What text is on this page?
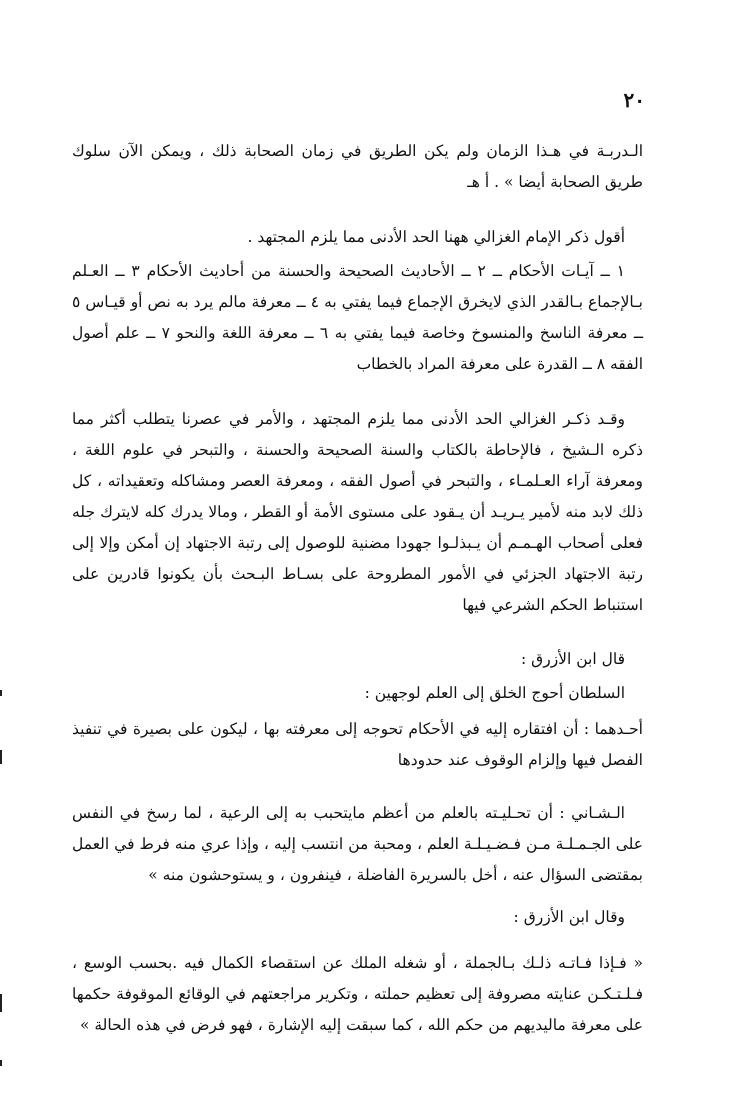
٢٠

الـدربـة في هـذا الزمان ولم يكن الطريق في زمان الصحابة ذلك ، ويمكن الآن سلوك طريق الصحابة أيضا » . أ هـ

أقول ذكر الإمام الغزالي ههنا الحد الأدنى مما يلزم المجتهد .

١ ــ آيـات الأحكام ــ ٢ ــ الأحاديث الصحيحة والحسنة من أحاديث الأحكام ٣ ــ العـلم بـالإجماع بـالقدر الذي لايخرق الإجماع فيما يفتي به ٤ ــ معرفة مالم يرد به نص أو قيـاس ٥ ــ معرفة الناسخ والمنسوخ وخاصة فيما يفتي به ٦ ــ معرفة اللغة والنحو ٧ ــ علم أصول الفقه ٨ ــ القدرة على معرفة المراد بالخطاب

وقـد ذكـر الغزالي الحد الأدنى مما يلزم المجتهد ، والأمر في عصرنا يتطلب أكثر مما ذكره الـشيخ ، فالإحاطة بالكتاب والسنة الصحيحة والحسنة ، والتبحر في علوم اللغة ، ومعرفة آراء العـلمـاء ، والتبحر في أصول الفقه ، ومعرفة العصر ومشاكله وتعقيداته ، كل ذلك لابد منه لأمير يـريـد أن يـقود على مستوى الأمة أو القطر ، ومالا يدرك كله لايترك جله فعلى أصحاب الهـمـم أن يـبذلـوا جهودا مضنية للوصول إلى رتبة الاجتهاد إن أمكن وإلا إلى رتبة الاجتهاد الجزئي في الأمور المطروحة على بسـاط البـحث بأن يكونوا قادرين على استنباط الحكم الشرعي فيها

قال ابن الأزرق :

السلطان أحوج الخلق إلى العلم لوجهين :

أحـدهما : أن افتقاره إليه في الأحكام تحوجه إلى معرفته بها ، ليكون على بصيرة في تنفيذ الفصل فيها وإلزام الوقوف عند حدودها

الـشـاني : أن تحـليـته بالعلم من أعظم مايتحبب به إلى الرعية ، لما رسخ في النفس على الجـمـلـة مـن فـضـيـلـة العلم ، ومحبة من انتسب إليه ، وإذا عري منه فرط في العمل بمقتضى السؤال عنه ، أخل بالسريرة الفاضلة ، فينفرون ، و يستوحشون منه »

وقال ابن الأزرق :

« فـإذا فـاتـه ذلـك بـالجملة ، أو شغله الملك عن استقصاء الكمال فيه .بحسب الوسع ، فـلـتـكـن عنايته مصروفة إلى تعظيم حملته ، وتكرير مراجعتهم في الوقائع الموقوفة حكمها على معرفة ماليديهم من حكم الله ، كما سبقت إليه الإشارة ، فهو فرض في هذه الحالة »
